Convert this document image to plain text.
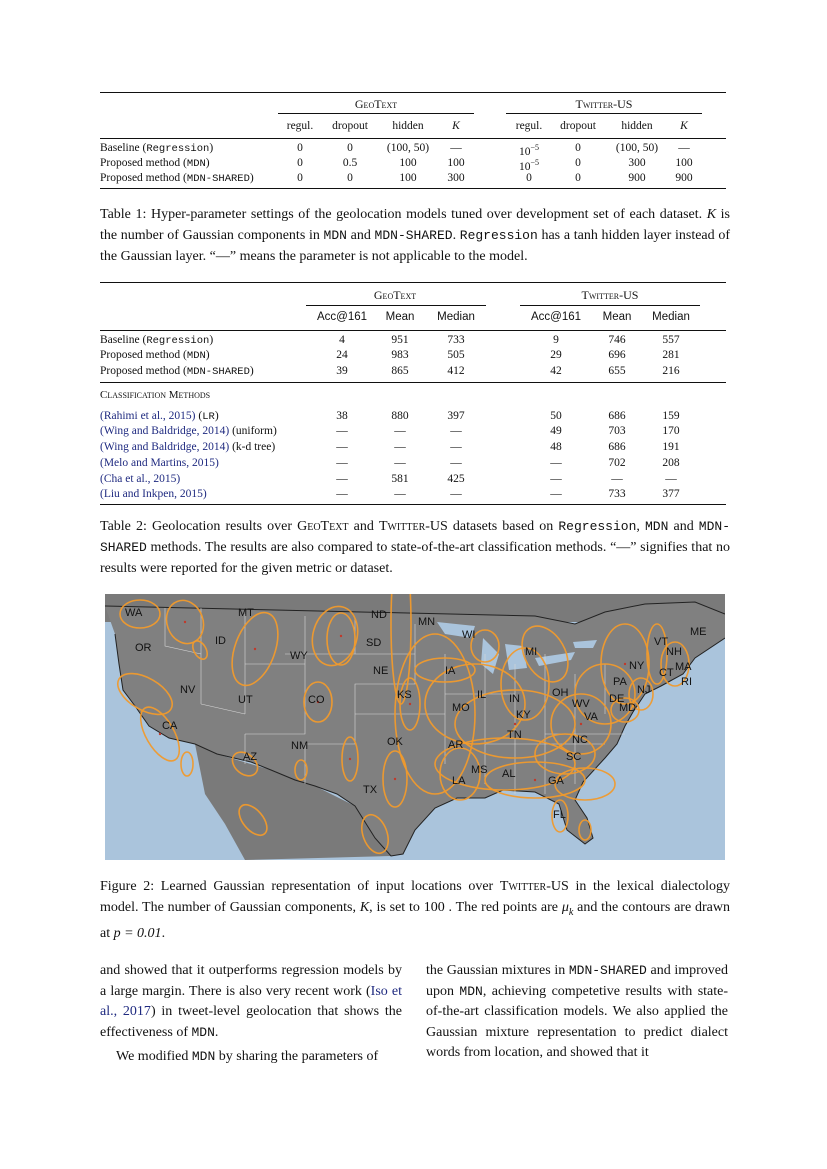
GeoText	Twitter-US
regul. dropout hidden K	regul. dropout hidden K
Baseline (Regression)	0	0	(100, 50) —	$10^{-5}$	0	(100, 50) —
Proposed method (MDN)	0	0.5	100	100	$10^{-5}$	0	300	100
Proposed method (MDN-SHARED)	0	0	100	300	0	0	900	900
Table 1: Hyper-parameter settings of the geolocation models tuned over development set of each dataset. K is the number of Gaussian components in MDN and MDN-SHARED. Regression has a tanh hidden layer instead of the Gaussian layer. “—” means the parameter is not applicable to the model.
GeoText	Twitter-US
Acc@161 Mean Median	Acc@161 Mean Median
Baseline (Regression)	4	951	733	9	746	557
Proposed method (MDN)	24	983	505	29	696	281
Proposed method (MDN-SHARED)	39	865	412	42	655	216
Classification Methods
(Rahimi et al., 2015) (LR)	38	880	397	50	686	159
(Wing and Baldridge, 2014) (uniform)	—	—	—	49	703	170
(Wing and Baldridge, 2014) (k-d tree)	—	—	—	48	686	191
(Melo and Martins, 2015)	—	—	—	—	702	208
(Cha et al., 2015)	—	581	425	—	—	—
(Liu and Inkpen, 2015)	—	—	—	—	733	377
Table 2: Geolocation results over GeoText and Twitter-US datasets based on Regression, MDN and MDN-SHARED methods. The results are also compared to state-of-the-art classification methods. “—” signifies that no results were reported for the given metric or dataset.
WA	MT	ND
MN
ME
OR
ID	SD
WI
VT
NH
WY	MI
NY	MA
CT
RI
NE	IA
PA
NJ
NV
UT	CO	KS	IL IN	OH	DE
MD
WV
VA
CA
KY
MO
TN	NC
AZ
NM	OK	AR
SC
MS AL
GA
LA
TX
FL
Figure 2: Learned Gaussian representation of input locations over Twitter-US in the lexical dialectology model. The number of Gaussian components, K, is set to 100 . The red points are $\mu_k$ and the contours are drawn at p = 0.01.
and showed that it outperforms regression models by a large margin. There is also very recent work (Iso et al., 2017) in tweet-level geolocation that shows the effectiveness of MDN.
We modified MDN by sharing the parameters of
the Gaussian mixtures in MDN-SHARED and improved upon MDN, achieving competetive results with state-of-the-art classification models. We also applied the Gaussian mixture representation to predict dialect words from location, and showed that it
